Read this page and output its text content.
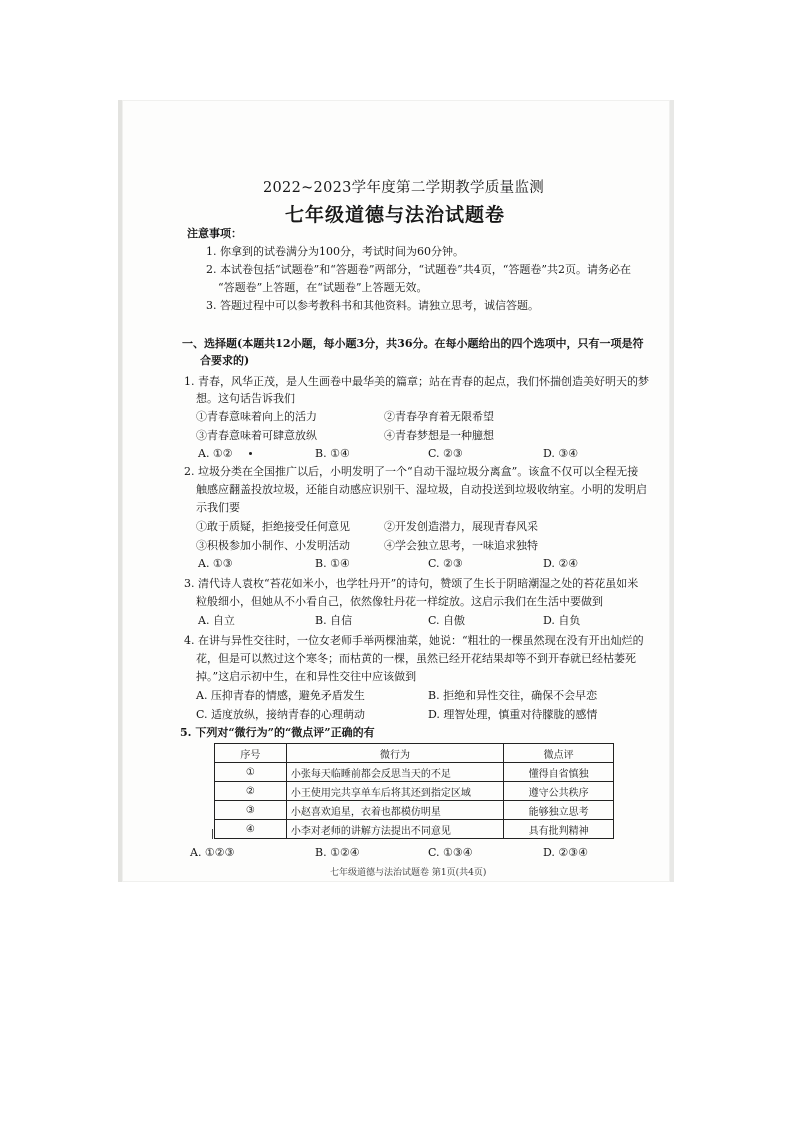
2022~2023学年度第二学期教学质量监测
七年级道德与法治试题卷
注意事项：
1. 你拿到的试卷满分为100分，考试时间为60分钟。
2. 本试卷包括“试题卷”和“答题卷”两部分，“试题卷”共4页，“答题卷”共2页。请务必在
“答题卷”上答题，在“试题卷”上答题无效。
3. 答题过程中可以参考教科书和其他资料。请独立思考，诚信答题。
一、选择题(本题共12小题，每小题3分，共36分。在每小题给出的四个选项中，只有一项是符
合要求的)
1. 青春，风华正茂，是人生画卷中最华美的篇章；站在青春的起点，我们怀揣创造美好明天的梦
想。这句话告诉我们
①青春意味着向上的活力	②青春孕育着无限希望
③青春意味着可肆意放纵	④青春梦想是一种臆想
A. ①②	B. ①④	C. ②③	D. ③④
2. 垃圾分类在全国推广以后，小明发明了一个“自动干湿垃圾分离盒”。该盒不仅可以全程无接
触感应翻盖投放垃圾，还能自动感应识别干、湿垃圾，自动投送到垃圾收纳室。小明的发明启
示我们要
①敢于质疑，拒绝接受任何意见	②开发创造潜力，展现青春风采
③积极参加小制作、小发明活动	④学会独立思考，一味追求独特
A. ①③	B. ①④	C. ②③	D. ②④
3. 清代诗人袁枚“苔花如米小，也学牡丹开”的诗句，赞颂了生长于阴暗潮湿之处的苔花虽如米
粒般细小，但她从不小看自己，依然像牡丹花一样绽放。这启示我们在生活中要做到
A. 自立	B. 自信	C. 自傲	D. 自负
4. 在讲与异性交往时，一位女老师手举两棵油菜，她说：“粗壮的一棵虽然现在没有开出灿烂的
花，但是可以熬过这个寒冬；而枯黄的一棵，虽然已经开花结果却等不到开春就已经枯萎死
掉。”这启示初中生，在和异性交往中应该做到
A. 压抑青春的情感，避免矛盾发生	B. 拒绝和异性交往，确保不会早恋
C. 适度放纵，接纳青春的心理萌动	D. 理智处理，慎重对待朦胧的感情
5. 下列对“微行为”的“微点评”正确的有
序号	微行为	微点评
①	小张每天临睡前都会反思当天的不足	懂得自省慎独
②	小王使用完共享单车后将其还到指定区域	遵守公共秩序
③	小赵喜欢追星，衣着也都模仿明星	能够独立思考
④	小李对老师的讲解方法提出不同意见	具有批判精神
A. ①②③	B. ①②④	C. ①③④	D. ②③④
七年级道德与法治试题卷 第1页(共4页)
